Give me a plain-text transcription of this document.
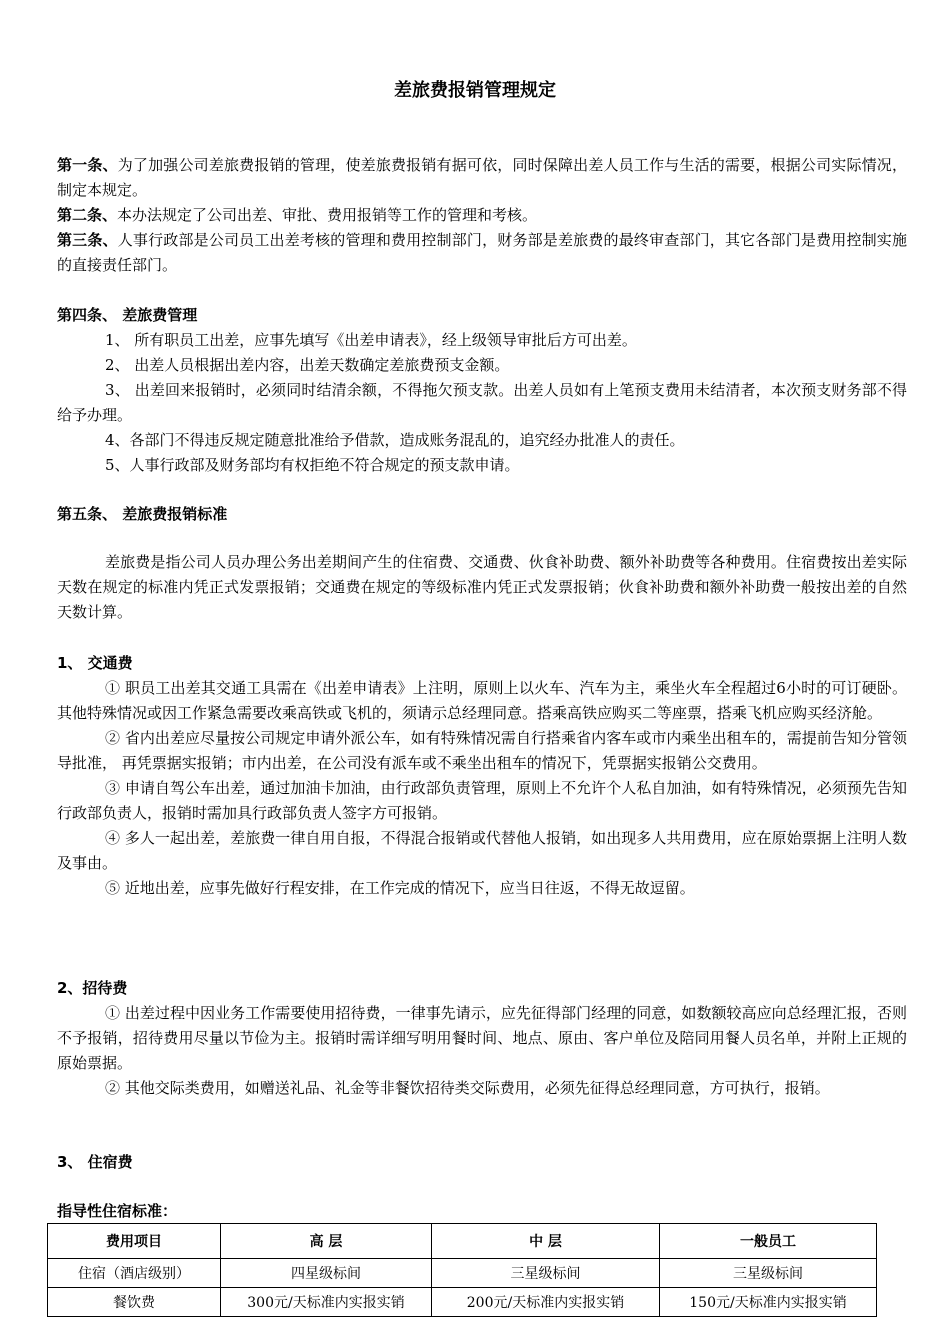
差旅费报销管理规定

第一条、为了加强公司差旅费报销的管理，使差旅费报销有据可依，同时保障出差人员工作与生活的需要，根据公司实际情况，制定本规定。

第二条、本办法规定了公司出差、审批、费用报销等工作的管理和考核。

第三条、人事行政部是公司员工出差考核的管理和费用控制部门，财务部是差旅费的最终审查部门，其它各部门是费用控制实施的直接责任部门。

第四条、 差旅费管理

1、 所有职员工出差，应事先填写《出差申请表》，经上级领导审批后方可出差。

2、 出差人员根据出差内容，出差天数确定差旅费预支金额。

3、 出差回来报销时，必须同时结清余额，不得拖欠预支款。出差人员如有上笔预支费用未结清者，本次预支财务部不得给予办理。

4、各部门不得违反规定随意批准给予借款，造成账务混乱的，追究经办批准人的责任。

5、人事行政部及财务部均有权拒绝不符合规定的预支款申请。

第五条、 差旅费报销标准

差旅费是指公司人员办理公务出差期间产生的住宿费、交通费、伙食补助费、额外补助费等各种费用。住宿费按出差实际天数在规定的标准内凭正式发票报销；交通费在规定的等级标准内凭正式发票报销；伙食补助费和额外补助费一般按出差的自然天数计算。

1、 交通费

① 职员工出差其交通工具需在《出差申请表》上注明，原则上以火车、汽车为主，乘坐火车全程超过6小时的可订硬卧。其他特殊情况或因工作紧急需要改乘高铁或飞机的，须请示总经理同意。搭乘高铁应购买二等座票，搭乘飞机应购买经济舱。

② 省内出差应尽量按公司规定申请外派公车，如有特殊情况需自行搭乘省内客车或市内乘坐出租车的，需提前告知分管领导批准， 再凭票据实报销；市内出差，在公司没有派车或不乘坐出租车的情况下，凭票据实报销公交费用。

③ 申请自驾公车出差，通过加油卡加油，由行政部负责管理，原则上不允许个人私自加油，如有特殊情况，必须预先告知行政部负责人，报销时需加具行政部负责人签字方可报销。

④ 多人一起出差，差旅费一律自用自报，不得混合报销或代替他人报销，如出现多人共用费用，应在原始票据上注明人数及事由。

⑤ 近地出差，应事先做好行程安排，在工作完成的情况下，应当日往返，不得无故逗留。

2、招待费

① 出差过程中因业务工作需要使用招待费，一律事先请示，应先征得部门经理的同意，如数额较高应向总经理汇报，否则不予报销，招待费用尽量以节俭为主。报销时需详细写明用餐时间、地点、原由、客户单位及陪同用餐人员名单，并附上正规的原始票据。

② 其他交际类费用，如赠送礼品、礼金等非餐饮招待类交际费用，必须先征得总经理同意，方可执行，报销。

3、 住宿费

指导性住宿标准：

费用项目	高 层	中 层	一般员工
住宿（酒店级别）	四星级标间	三星级标间	三星级标间
餐饮费	300元/天标准内实报实销	200元/天标准内实报实销	150元/天标准内实报实销
